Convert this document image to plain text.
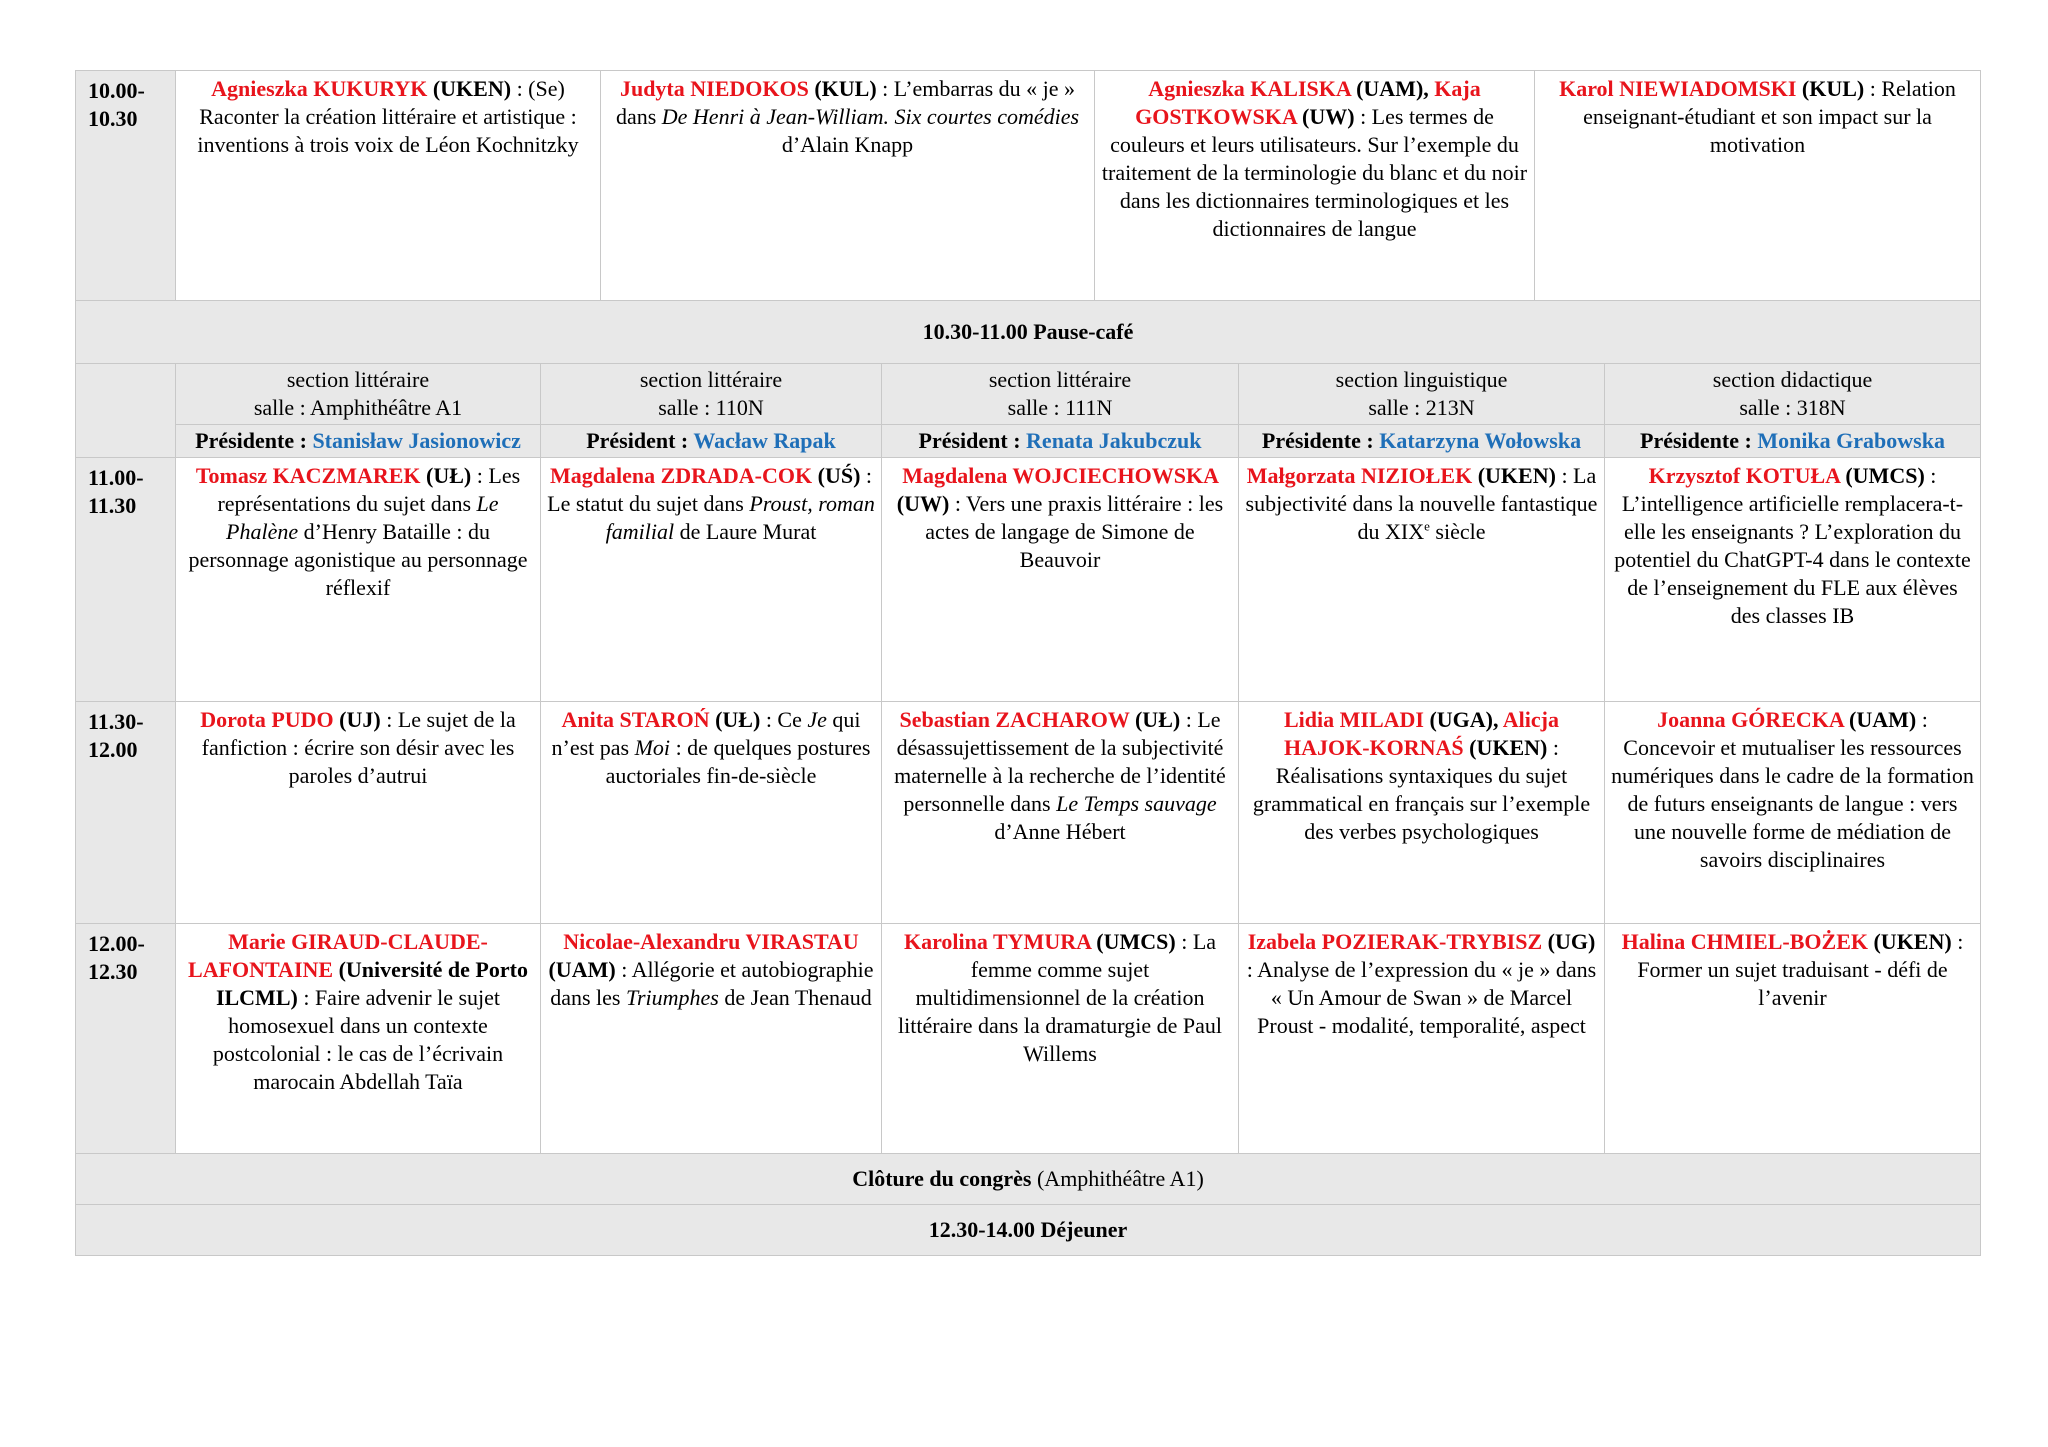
10.00-
10.30	Agnieszka KUKURYK (UKEN) : (Se) Raconter la création littéraire et artistique : inventions à trois voix de Léon Kochnitzky	Judyta NIEDOKOS (KUL) : L’embarras du « je » dans De Henri à Jean-William. Six courtes comédies d’Alain Knapp	Agnieszka KALISKA (UAM), Kaja GOSTKOWSKA (UW) : Les termes de couleurs et leurs utilisateurs. Sur l’exemple du traitement de la terminologie du blanc et du noir dans les dictionnaires terminologiques et les dictionnaires de langue	Karol NIEWIADOMSKI (KUL) : Relation enseignant-étudiant et son impact sur la motivation
10.30-11.00 Pause-café
	section littéraire
salle : Amphithéâtre A1	section littéraire
salle : 110N	section littéraire
salle : 111N	section linguistique
salle : 213N	section didactique
salle : 318N
	Présidente : Stanisław Jasionowicz	Président : Wacław Rapak	Président : Renata Jakubczuk	Présidente : Katarzyna Wołowska	Présidente : Monika Grabowska
11.00-
11.30	Tomasz KACZMAREK (UŁ) : Les représentations du sujet dans Le Phalène d’Henry Bataille : du personnage agonistique au personnage réflexif	Magdalena ZDRADA-COK (UŚ) : Le statut du sujet dans Proust, roman familial de Laure Murat	Magdalena WOJCIECHOWSKA (UW) : Vers une praxis littéraire : les actes de langage de Simone de Beauvoir	Małgorzata NIZIOŁEK (UKEN) : La subjectivité dans la nouvelle fantastique du XIXe siècle	Krzysztof KOTUŁA (UMCS) : L’intelligence artificielle remplacera-t-elle les enseignants ? L’exploration du potentiel du ChatGPT-4 dans le contexte de l’enseignement du FLE aux élèves des classes IB
11.30-
12.00	Dorota PUDO (UJ) : Le sujet de la fanfiction : écrire son désir avec les paroles d’autrui	Anita STAROŃ (UŁ) : Ce Je qui n’est pas Moi : de quelques postures auctoriales fin-de-siècle	Sebastian ZACHAROW (UŁ) : Le désassujettissement de la subjectivité maternelle à la recherche de l’identité personnelle dans Le Temps sauvage d’Anne Hébert	Lidia MILADI (UGA), Alicja HAJOK-KORNAŚ (UKEN) : Réalisations syntaxiques du sujet grammatical en français sur l’exemple des verbes psychologiques	Joanna GÓRECKA (UAM) : Concevoir et mutualiser les ressources numériques dans le cadre de la formation de futurs enseignants de langue : vers une nouvelle forme de médiation de savoirs disciplinaires
12.00-
12.30	Marie GIRAUD-CLAUDE-LAFONTAINE (Université de Porto ILCML) : Faire advenir le sujet homosexuel dans un contexte postcolonial : le cas de l’écrivain marocain Abdellah Taïa	Nicolae-Alexandru VIRASTAU (UAM) : Allégorie et autobiographie dans les Triumphes de Jean Thenaud	Karolina TYMURA (UMCS) : La femme comme sujet multidimensionnel de la création littéraire dans la dramaturgie de Paul Willems	Izabela POZIERAK-TRYBISZ (UG) : Analyse de l’expression du « je » dans « Un Amour de Swan » de Marcel Proust - modalité, temporalité, aspect	Halina CHMIEL-BOŻEK (UKEN) : Former un sujet traduisant - défi de l’avenir
Clôture du congrès (Amphithéâtre A1)					
12.30-14.00 Déjeuner					
